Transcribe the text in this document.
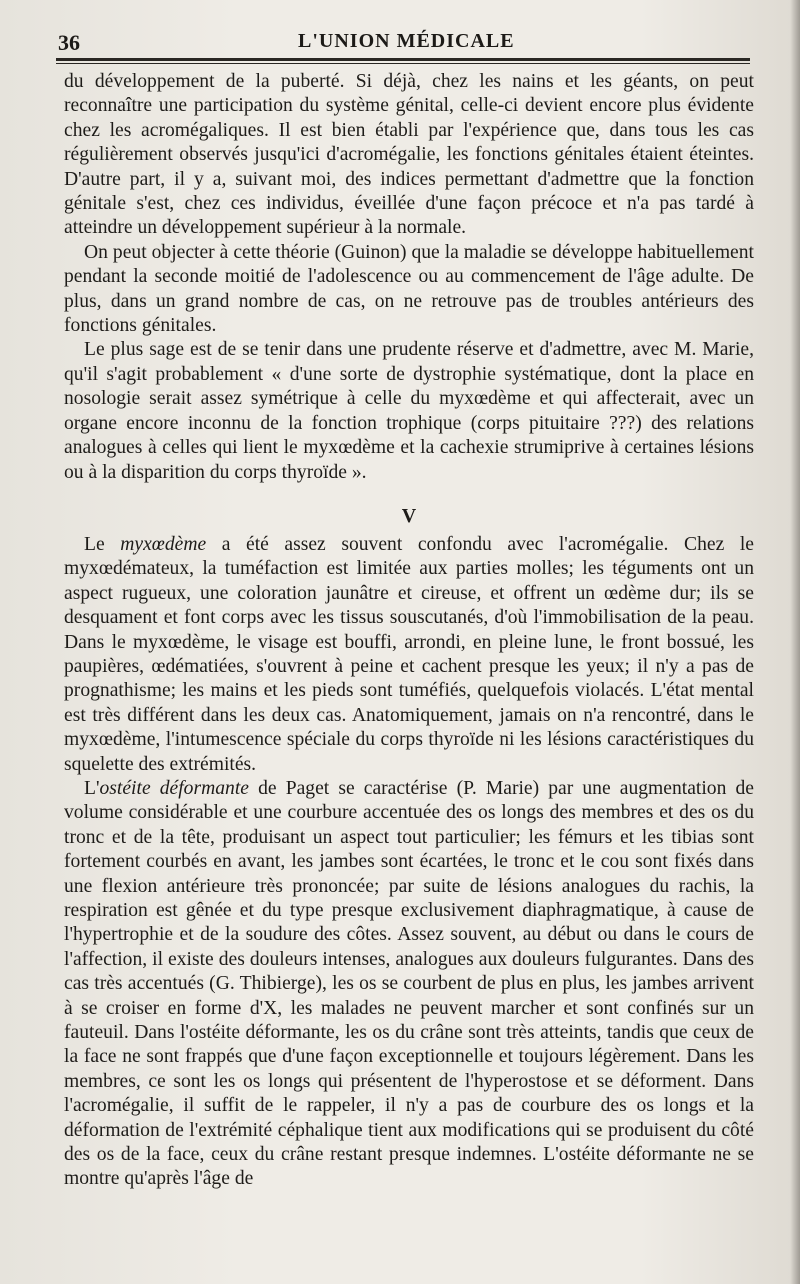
36	L'UNION MÉDICALE

du développement de la puberté. Si déjà, chez les nains et les géants, on peut reconnaître une participation du système génital, celle-ci devient encore plus évidente chez les acromégaliques. Il est bien établi par l'expérience que, dans tous les cas régulièrement observés jusqu'ici d'acromégalie, les fonctions génitales étaient éteintes. D'autre part, il y a, suivant moi, des indices permettant d'admettre que la fonction génitale s'est, chez ces individus, éveillée d'une façon précoce et n'a pas tardé à atteindre un développement supérieur à la normale.

On peut objecter à cette théorie (Guinon) que la maladie se développe habituellement pendant la seconde moitié de l'adolescence ou au commencement de l'âge adulte. De plus, dans un grand nombre de cas, on ne retrouve pas de troubles antérieurs des fonctions génitales.

Le plus sage est de se tenir dans une prudente réserve et d'admettre, avec M. Marie, qu'il s'agit probablement « d'une sorte de dystrophie systématique, dont la place en nosologie serait assez symétrique à celle du myxœdème et qui affecterait, avec un organe encore inconnu de la fonction trophique (corps pituitaire ???) des relations analogues à celles qui lient le myxœdème et la cachexie strumiprive à certaines lésions ou à la disparition du corps thyroïde ».

V

Le myxœdème a été assez souvent confondu avec l'acromégalie. Chez le myxœdémateux, la tuméfaction est limitée aux parties molles; les téguments ont un aspect rugueux, une coloration jaunâtre et cireuse, et offrent un œdème dur; ils se desquament et font corps avec les tissus souscutanés, d'où l'immobilisation de la peau. Dans le myxœdème, le visage est bouffi, arrondi, en pleine lune, le front bossué, les paupières, œdématiées, s'ouvrent à peine et cachent presque les yeux; il n'y a pas de prognathisme; les mains et les pieds sont tuméfiés, quelquefois violacés. L'état mental est très différent dans les deux cas. Anatomiquement, jamais on n'a rencontré, dans le myxœdème, l'intumescence spéciale du corps thyroïde ni les lésions caractéristiques du squelette des extrémités.

L'ostéite déformante de Paget se caractérise (P. Marie) par une augmentation de volume considérable et une courbure accentuée des os longs des membres et des os du tronc et de la tête, produisant un aspect tout particulier; les fémurs et les tibias sont fortement courbés en avant, les jambes sont écartées, le tronc et le cou sont fixés dans une flexion antérieure très prononcée; par suite de lésions analogues du rachis, la respiration est gênée et du type presque exclusivement diaphragmatique, à cause de l'hypertrophie et de la soudure des côtes. Assez souvent, au début ou dans le cours de l'affection, il existe des douleurs intenses, analogues aux douleurs fulgurantes. Dans des cas très accentués (G. Thibierge), les os se courbent de plus en plus, les jambes arrivent à se croiser en forme d'X, les malades ne peuvent marcher et sont confinés sur un fauteuil. Dans l'ostéite déformante, les os du crâne sont très atteints, tandis que ceux de la face ne sont frappés que d'une façon exceptionnelle et toujours légèrement. Dans les membres, ce sont les os longs qui présentent de l'hyperostose et se déforment. Dans l'acromégalie, il suffit de le rappeler, il n'y a pas de courbure des os longs et la déformation de l'extrémité céphalique tient aux modifications qui se produisent du côté des os de la face, ceux du crâne restant presque indemnes. L'ostéite déformante ne se montre qu'après l'âge de
